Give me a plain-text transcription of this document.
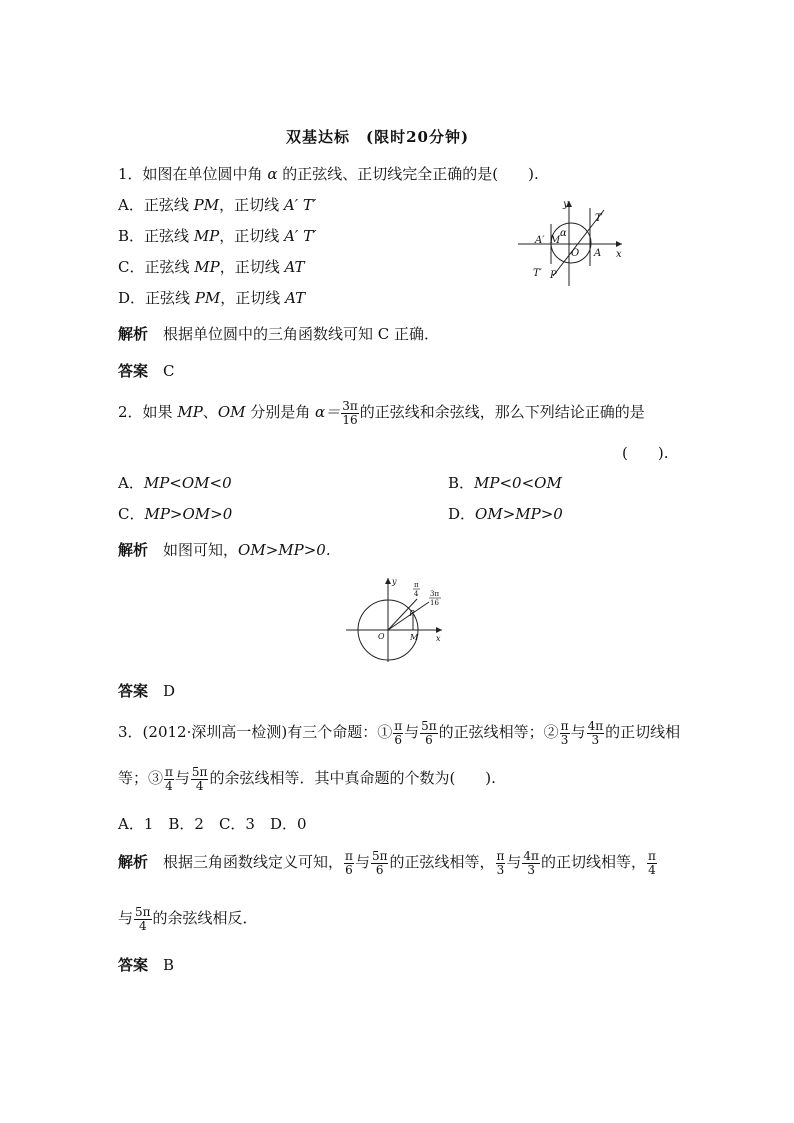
双基达标　(限时20分钟)
1．如图在单位圆中角 α 的正弦线、正切线完全正确的是(　　).
A．正弦线 PM，正切线 A′ T′
B．正弦线 MP，正切线 A′ T′
C．正弦线 MP，正切线 AT
D．正弦线 PM，正切线 AT
y
x
T
A′ M
α
O A
T′ P
解析　 根据单位圆中的三角函数线可知 C 正确．
答案　 C
2．如果 MP、OM 分别是角 $\alpha= \frac{3\pi}{16}$ 的正弦线和余弦线，那么下列结论正确的是
(　　).
A．MP<OM<0	B．MP<0<OM
C．MP>OM>0	D．OM>MP>0
解析　 如图可知，OM>MP>0.
y
x
O	M
P
π
4 3π
16
答案　 D
3．(2012·深圳高一检测)有三个命题：① $\frac{\pi}{6}$ 与 $\frac{5\pi}{6}$ 的正弦线相等；② $\frac{\pi}{3}$ 与 $\frac{4\pi}{3}$ 的正切线相
等；③ $\frac{\pi}{4}$ 与 $\frac{5\pi}{4}$ 的余弦线相等．其中真命题的个数为(　　).
A．1　B．2　C．3　D．0
解析　 根据三角函数线定义可知， $\frac{\pi}{6}$ 与 $\frac{5\pi}{6}$ 的正弦线相等， $\frac{\pi}{3}$ 与 $\frac{4\pi}{3}$ 的正切线相等， $\frac{\pi}{4}$
与 $\frac{5\pi}{4}$ 的余弦线相反．
答案　 B
